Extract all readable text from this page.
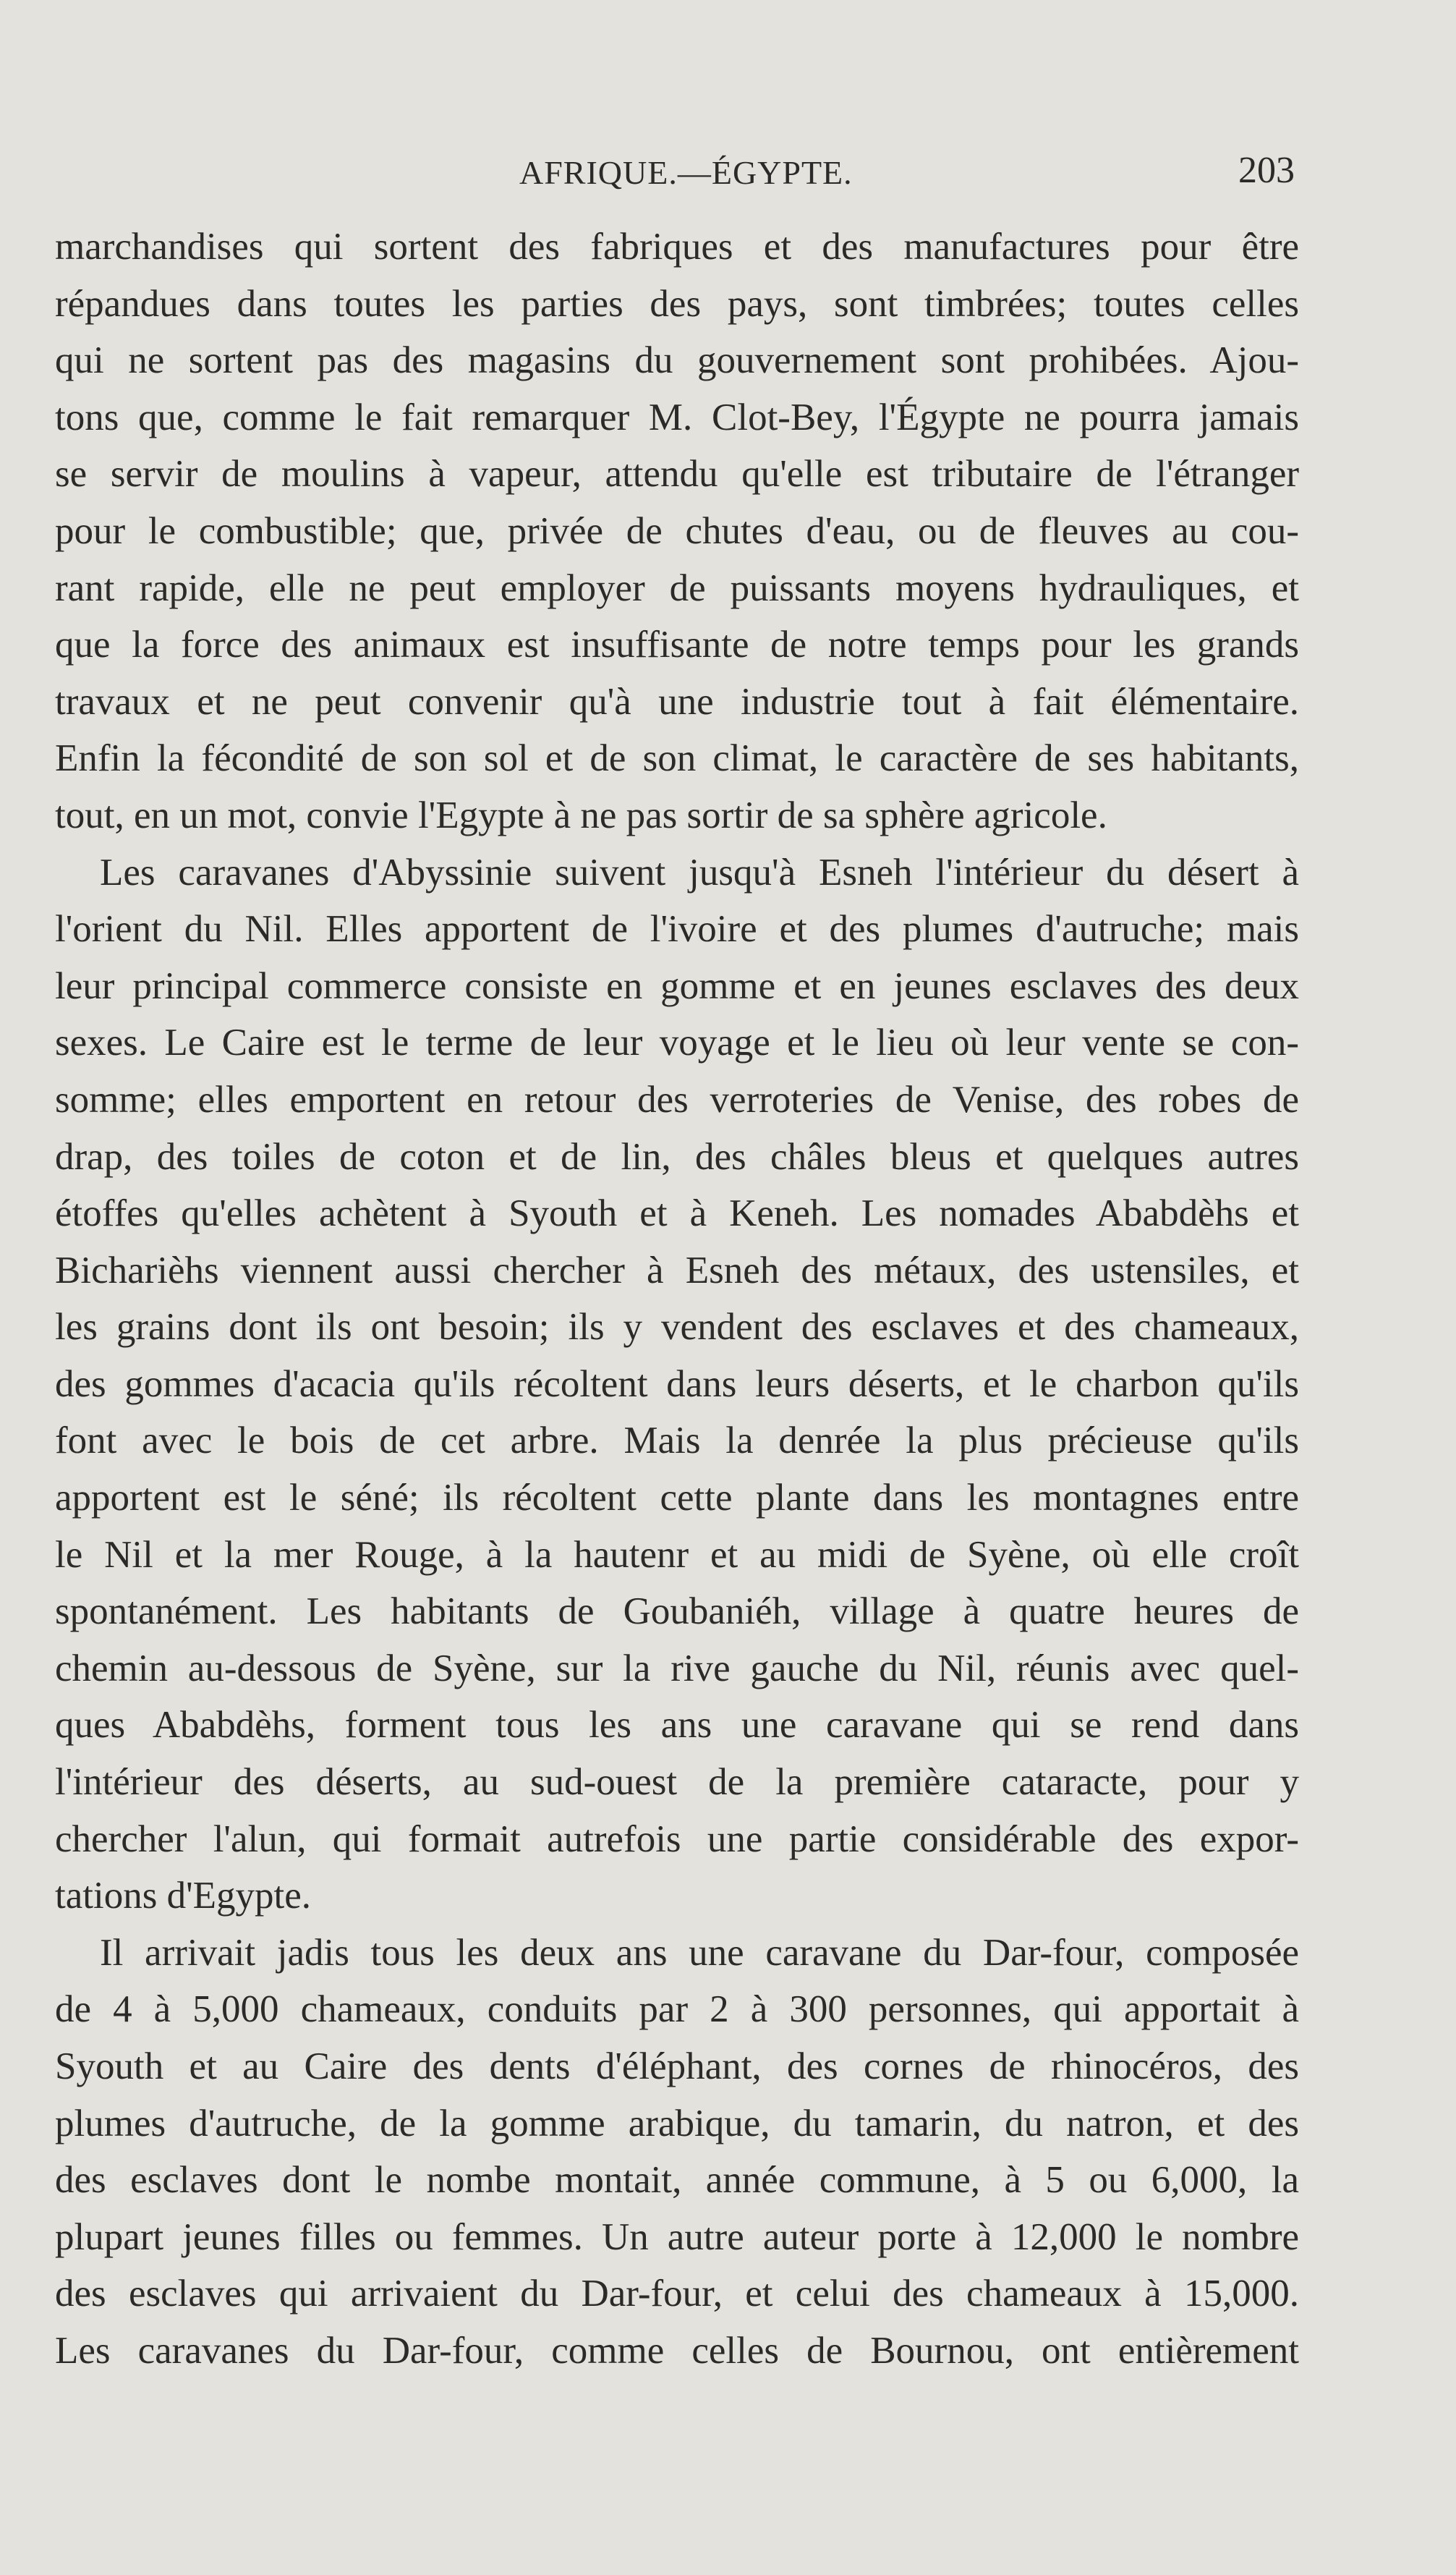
AFRIQUE.—ÉGYPTE.	203
marchandises qui sortent des fabriques et des manufactures pour être
répandues dans toutes les parties des pays, sont timbrées; toutes celles
qui ne sortent pas des magasins du gouvernement sont prohibées. Ajou-
tons que, comme le fait remarquer M. Clot-Bey, l'Égypte ne pourra jamais
se servir de moulins à vapeur, attendu qu'elle est tributaire de l'étranger
pour le combustible; que, privée de chutes d'eau, ou de fleuves au cou-
rant rapide, elle ne peut employer de puissants moyens hydrauliques, et
que la force des animaux est insuffisante de notre temps pour les grands
travaux et ne peut convenir qu'à une industrie tout à fait élémentaire.
Enfin la fécondité de son sol et de son climat, le caractère de ses habitants,
tout, en un mot, convie l'Egypte à ne pas sortir de sa sphère agricole.
Les caravanes d'Abyssinie suivent jusqu'à Esneh l'intérieur du désert à
l'orient du Nil. Elles apportent de l'ivoire et des plumes d'autruche; mais
leur principal commerce consiste en gomme et en jeunes esclaves des deux
sexes. Le Caire est le terme de leur voyage et le lieu où leur vente se con-
somme; elles emportent en retour des verroteries de Venise, des robes de
drap, des toiles de coton et de lin, des châles bleus et quelques autres
étoffes qu'elles achètent à Syouth et à Keneh. Les nomades Ababdèhs et
Bicharièhs viennent aussi chercher à Esneh des métaux, des ustensiles, et
les grains dont ils ont besoin; ils y vendent des esclaves et des chameaux,
des gommes d'acacia qu'ils récoltent dans leurs déserts, et le charbon qu'ils
font avec le bois de cet arbre. Mais la denrée la plus précieuse qu'ils
apportent est le séné; ils récoltent cette plante dans les montagnes entre
le Nil et la mer Rouge, à la hautenr et au midi de Syène, où elle croît
spontanément. Les habitants de Goubaniéh, village à quatre heures de
chemin au-dessous de Syène, sur la rive gauche du Nil, réunis avec quel-
ques Ababdèhs, forment tous les ans une caravane qui se rend dans
l'intérieur des déserts, au sud-ouest de la première cataracte, pour y
chercher l'alun, qui formait autrefois une partie considérable des expor-
tations d'Egypte.
Il arrivait jadis tous les deux ans une caravane du Dar-four, composée
de 4 à 5,000 chameaux, conduits par 2 à 300 personnes, qui apportait à
Syouth et au Caire des dents d'éléphant, des cornes de rhinocéros, des
plumes d'autruche, de la gomme arabique, du tamarin, du natron, et des
des esclaves dont le nombe montait, année commune, à 5 ou 6,000, la
plupart jeunes filles ou femmes. Un autre auteur porte à 12,000 le nombre
des esclaves qui arrivaient du Dar-four, et celui des chameaux à 15,000.
Les caravanes du Dar-four, comme celles de Bournou, ont entièrement
